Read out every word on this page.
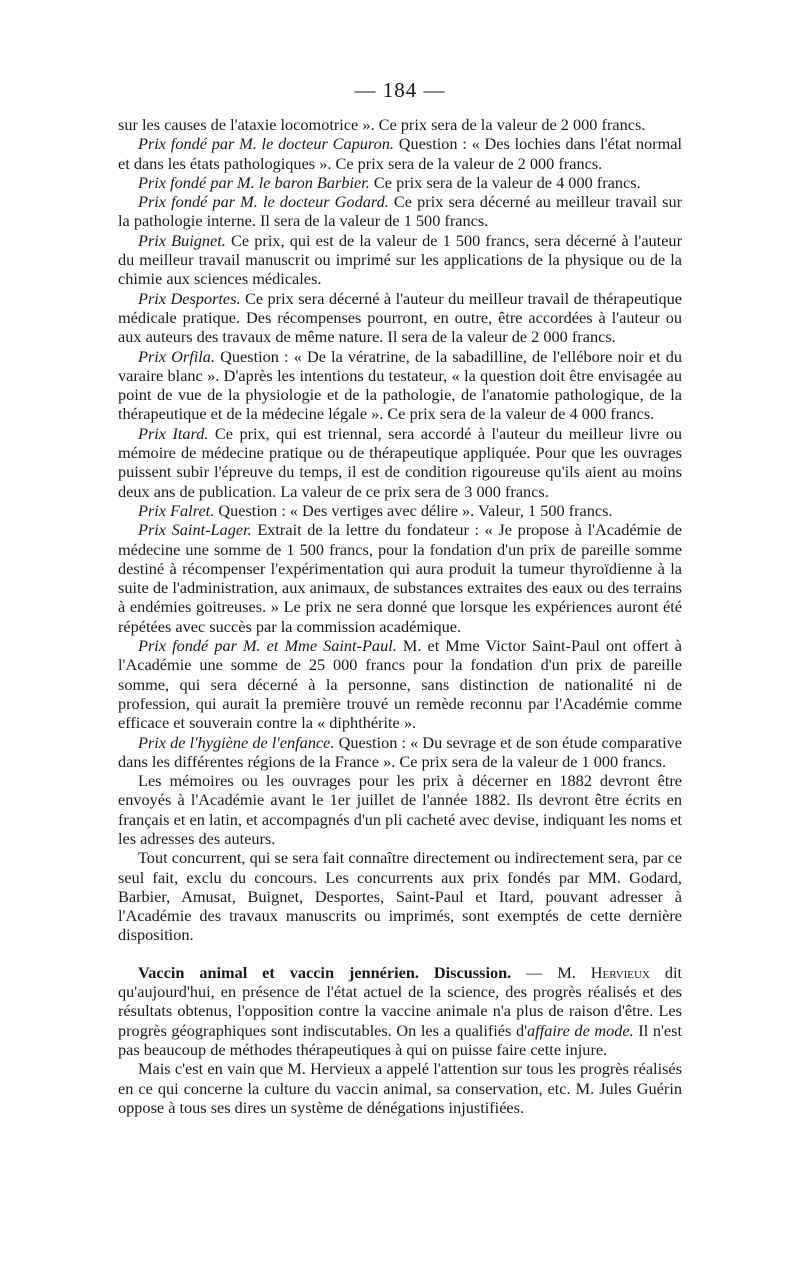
— 184 —

sur les causes de l'ataxie locomotrice ». Ce prix sera de la valeur de 2 000 francs.

Prix fondé par M. le docteur Capuron. Question : « Des lochies dans l'état normal et dans les états pathologiques ». Ce prix sera de la valeur de 2 000 francs.

Prix fondé par M. le baron Barbier. Ce prix sera de la valeur de 4 000 francs.

Prix fondé par M. le docteur Godard. Ce prix sera décerné au meilleur travail sur la pathologie interne. Il sera de la valeur de 1 500 francs.

Prix Buignet. Ce prix, qui est de la valeur de 1 500 francs, sera décerné à l'auteur du meilleur travail manuscrit ou imprimé sur les applications de la physique ou de la chimie aux sciences médicales.

Prix Desportes. Ce prix sera décerné à l'auteur du meilleur travail de thérapeutique médicale pratique. Des récompenses pourront, en outre, être accordées à l'auteur ou aux auteurs des travaux de même nature. Il sera de la valeur de 2 000 francs.

Prix Orfila. Question : « De la vératrine, de la sabadilline, de l'ellébore noir et du varaire blanc ». D'après les intentions du testateur, « la question doit être envisagée au point de vue de la physiologie et de la pathologie, de l'anatomie pathologique, de la thérapeutique et de la médecine légale ». Ce prix sera de la valeur de 4 000 francs.

Prix Itard. Ce prix, qui est triennal, sera accordé à l'auteur du meilleur livre ou mémoire de médecine pratique ou de thérapeutique appliquée. Pour que les ouvrages puissent subir l'épreuve du temps, il est de condition rigoureuse qu'ils aient au moins deux ans de publication. La valeur de ce prix sera de 3 000 francs.

Prix Falret. Question : « Des vertiges avec délire ». Valeur, 1 500 francs.

Prix Saint-Lager. Extrait de la lettre du fondateur : « Je propose à l'Académie de médecine une somme de 1 500 francs, pour la fondation d'un prix de pareille somme destiné à récompenser l'expérimentation qui aura produit la tumeur thyroïdienne à la suite de l'administration, aux animaux, de substances extraites des eaux ou des terrains à endémies goitreuses. » Le prix ne sera donné que lorsque les expériences auront été répétées avec succès par la commission académique.

Prix fondé par M. et Mme Saint-Paul. M. et Mme Victor Saint-Paul ont offert à l'Académie une somme de 25 000 francs pour la fondation d'un prix de pareille somme, qui sera décerné à la personne, sans distinction de nationalité ni de profession, qui aurait la première trouvé un remède reconnu par l'Académie comme efficace et souverain contre la « diphthérite ».

Prix de l'hygiène de l'enfance. Question : « Du sevrage et de son étude comparative dans les différentes régions de la France ». Ce prix sera de la valeur de 1 000 francs.

Les mémoires ou les ouvrages pour les prix à décerner en 1882 devront être envoyés à l'Académie avant le 1er juillet de l'année 1882. Ils devront être écrits en français et en latin, et accompagnés d'un pli cacheté avec devise, indiquant les noms et les adresses des auteurs.

Tout concurrent, qui se sera fait connaître directement ou indirectement sera, par ce seul fait, exclu du concours. Les concurrents aux prix fondés par MM. Godard, Barbier, Amusat, Buignet, Desportes, Saint-Paul et Itard, pouvant adresser à l'Académie des travaux manuscrits ou imprimés, sont exemptés de cette dernière disposition.

Vaccin animal et vaccin jennérien. Discussion. — M. Hervieux dit qu'aujourd'hui, en présence de l'état actuel de la science, des progrès réalisés et des résultats obtenus, l'opposition contre la vaccine animale n'a plus de raison d'être. Les progrès géographiques sont indiscutables. On les a qualifiés d'affaire de mode. Il n'est pas beaucoup de méthodes thérapeutiques à qui on puisse faire cette injure.

Mais c'est en vain que M. Hervieux a appelé l'attention sur tous les progrès réalisés en ce qui concerne la culture du vaccin animal, sa conservation, etc. M. Jules Guérin oppose à tous ses dires un système de dénégations injustifiées.
